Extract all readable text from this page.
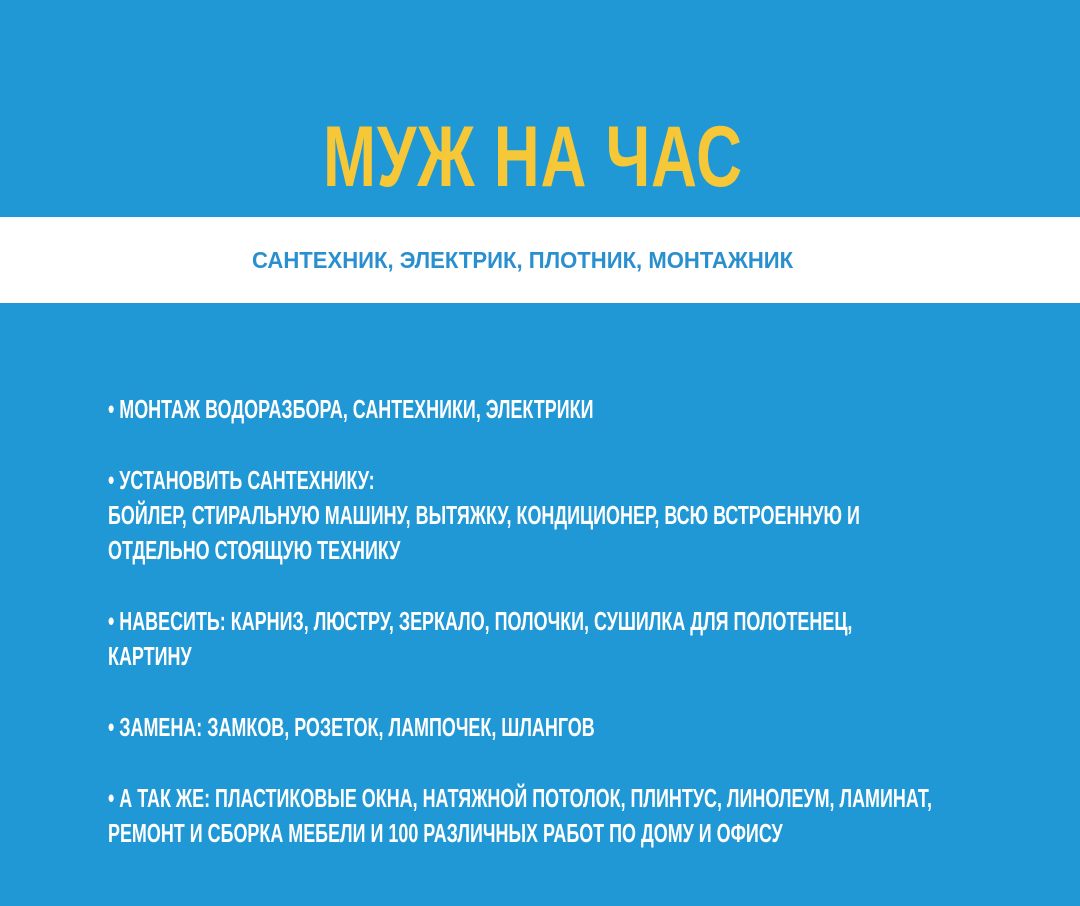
МУЖ НА ЧАС

САНТЕХНИК, ЭЛЕКТРИК, ПЛОТНИК, МОНТАЖНИК

• МОНТАЖ ВОДОРАЗБОРА, САНТЕХНИКИ, ЭЛЕКТРИКИ
• УСТАНОВИТЬ САНТЕХНИКУ:
БОЙЛЕР, СТИРАЛЬНУЮ МАШИНУ, ВЫТЯЖКУ, КОНДИЦИОНЕР, ВСЮ ВСТРОЕННУЮ И
ОТДЕЛЬНО СТОЯЩУЮ ТЕХНИКУ
• НАВЕСИТЬ: КАРНИЗ, ЛЮСТРУ, ЗЕРКАЛО, ПОЛОЧКИ, СУШИЛКА ДЛЯ ПОЛОТЕНЕЦ,
КАРТИНУ
• ЗАМЕНА: ЗАМКОВ, РОЗЕТОК, ЛАМПОЧЕК, ШЛАНГОВ
• А ТАК ЖЕ: ПЛАСТИКОВЫЕ ОКНА, НАТЯЖНОЙ ПОТОЛОК, ПЛИНТУС, ЛИНОЛЕУМ, ЛАМИНАТ,
РЕМОНТ И СБОРКА МЕБЕЛИ И 100 РАЗЛИЧНЫХ РАБОТ ПО ДОМУ И ОФИСУ
